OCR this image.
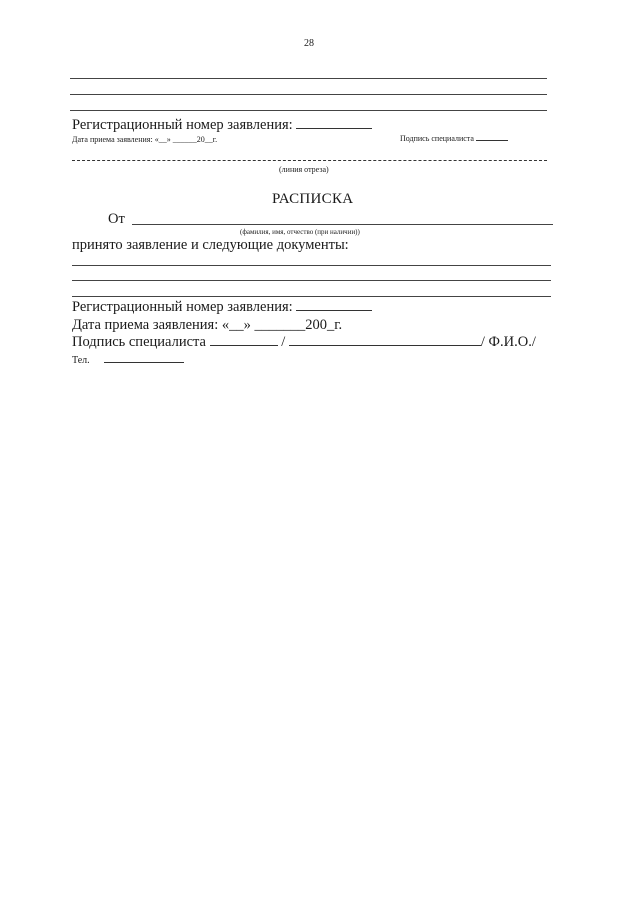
28
Регистрационный номер заявления:
Дата приема заявления: «__» ______20__г.	Подпись специалиста
(линия отреза)
РАСПИСКА
От
(фамилия, имя, отчество (при наличии))
принято заявление и следующие документы:
Регистрационный номер заявления:
Дата приема заявления: «__» _______200_г.
Подпись специалиста	/	/ Ф.И.О./
Тел.
